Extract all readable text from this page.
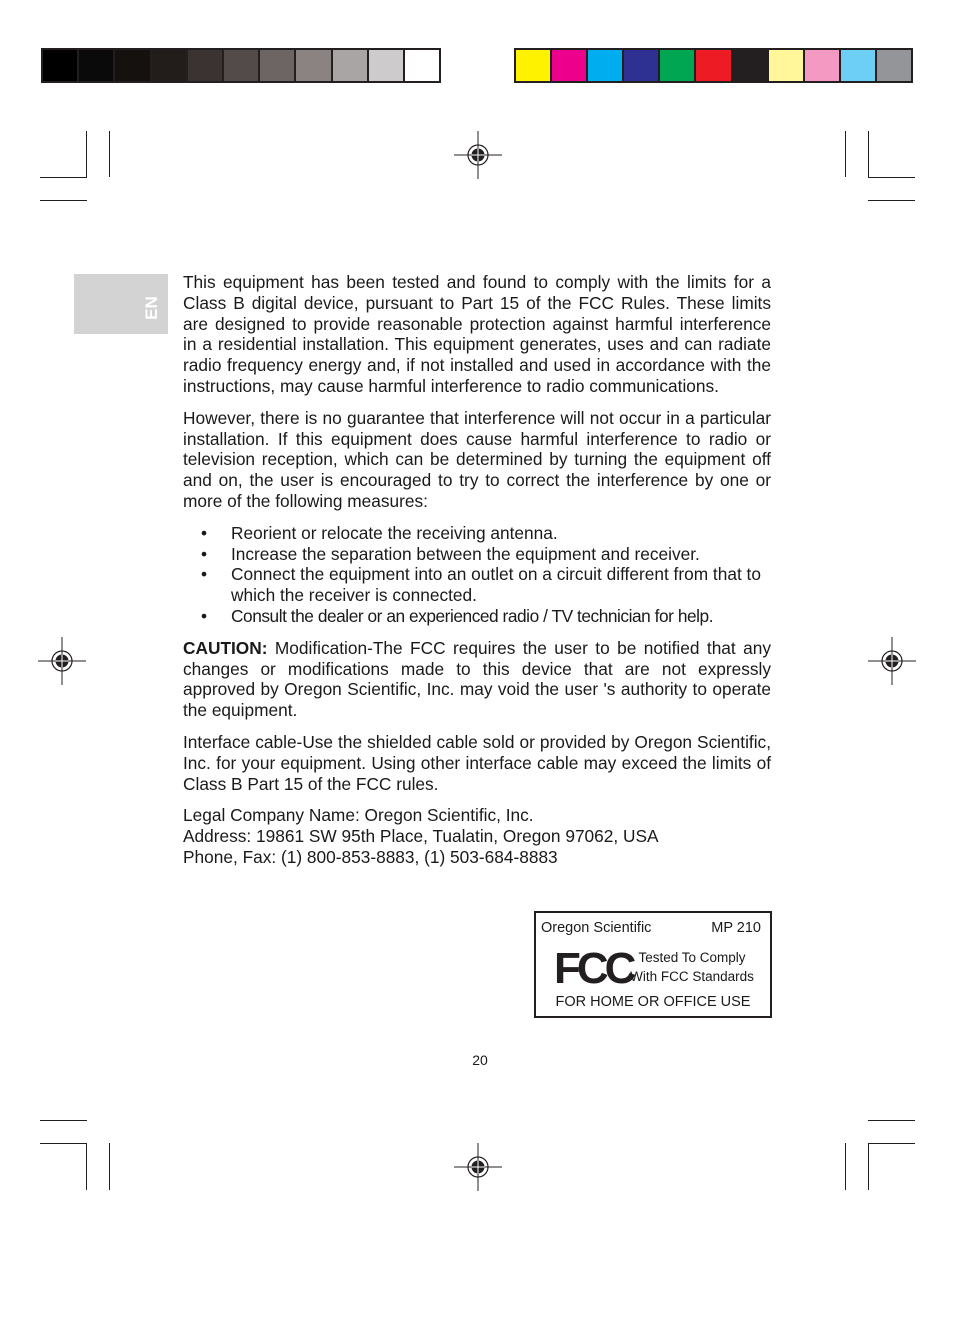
EN

This equipment has been tested and found to comply with the limits for a Class B digital device, pursuant to Part 15 of the FCC Rules. These limits are designed to provide reasonable protection against harmful interference in a residential installation. This equipment generates, uses and can radiate radio frequency energy and, if not installed and used in accordance with the instructions, may cause harmful interference to radio communications.

However, there is no guarantee that interference will not occur in a particular installation. If this equipment does cause harmful interference to radio or television reception, which can be determined by turning the equipment off and on, the user is encouraged to try to correct the interference by one or more of the following measures:

• Reorient or relocate the receiving antenna.
• Increase the separation between the equipment and receiver.
• Connect the equipment into an outlet on a circuit different from that to which the receiver is connected.
• Consult the dealer or an experienced radio / TV technician for help.

CAUTION: Modification-The FCC requires the user to be notified that any changes or modifications made to this device that are not expressly approved by Oregon Scientific, Inc. may void the user 's authority to operate the equipment.

Interface cable-Use the shielded cable sold or provided by Oregon Scientific, Inc. for your equipment. Using other interface cable may exceed the limits of Class B Part 15 of the FCC rules.

Legal Company Name: Oregon Scientific, Inc.
Address: 19861 SW 95th Place, Tualatin, Oregon 97062, USA
Phone, Fax: (1) 800-853-8883, (1) 503-684-8883
Oregon Scientific	MP 210
FCC Tested To Comply
With FCC Standards
FOR HOME OR OFFICE USE
20
